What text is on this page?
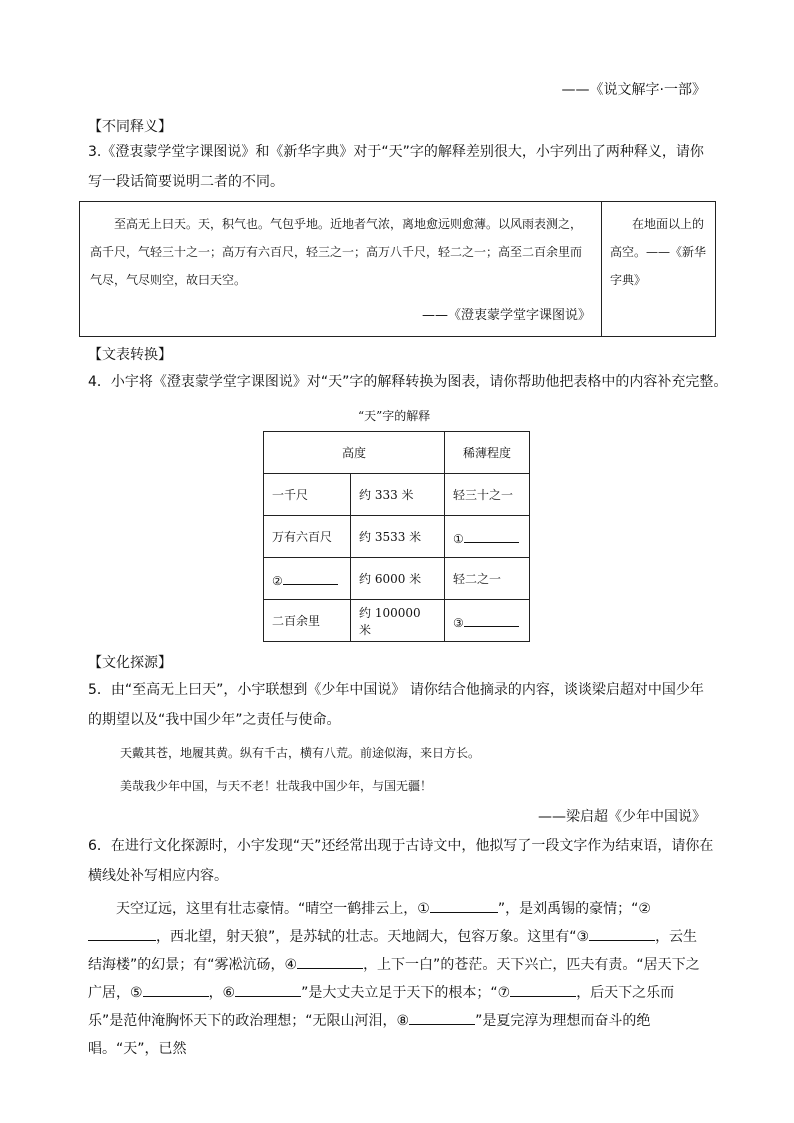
——《说文解字·一部》
【不同释义】
3.《澄衷蒙学堂字课图说》和《新华字典》对于“天”字的解释差别很大，小宇列出了两种释义，请你
写一段话简要说明二者的不同。
至高无上曰天。天，积气也。气包乎地。近地者气浓，离地愈远则愈薄。以风雨表测之，高千尺，气轻三十之一；高万有六百尺，轻三之一；高万八千尺，轻二之一；高至二百余里而气尽，气尽则空，故曰天空。
——《澄衷蒙学堂字课图说》
在地面以上的高空。——《新华字典》
【文表转换】
4．小宇将《澄衷蒙学堂字课图说》对“天”字的解释转换为图表，请你帮助他把表格中的内容补充完整。
“天”字的解释
高度		稀薄程度
一千尺	约 333 米	轻三十之一
万有六百尺	约 3533 米	①
②	约 6000 米	轻二之一
二百余里	约 100000 米	③
【文化探源】
5．由“至高无上曰天”，小宇联想到《少年中国说》 请你结合他摘录的内容，谈谈梁启超对中国少年
的期望以及“我中国少年”之责任与使命。
天戴其苍，地履其黄。纵有千古，横有八荒。前途似海，来日方长。
美哉我少年中国，与天不老！壮哉我中国少年，与国无疆！
——梁启超《少年中国说》
6．在进行文化探源时，小宇发现“天”还经常出现于古诗文中，他拟写了一段文字作为结束语，请你在
横线处补写相应内容。
天空辽远，这里有壮志豪情。“晴空一鹤排云上，①	”，是刘禹锡的豪情；“②，西北望，射天狼”，是苏轼的壮志。天地阔大，包容万象。这里有“③	，云生结海楼”的幻景；有“雾凇沆砀，④	，上下一白”的苍茫。天下兴亡，匹夫有责。“居天下之广居，⑤	，⑥	”是大丈夫立足于天下的根本；“⑦	，后天下之乐而乐”是范仲淹胸怀天下的政治理想；“无限山河泪，⑧	”是夏完淳为理想而奋斗的绝唱。“天”，已然
